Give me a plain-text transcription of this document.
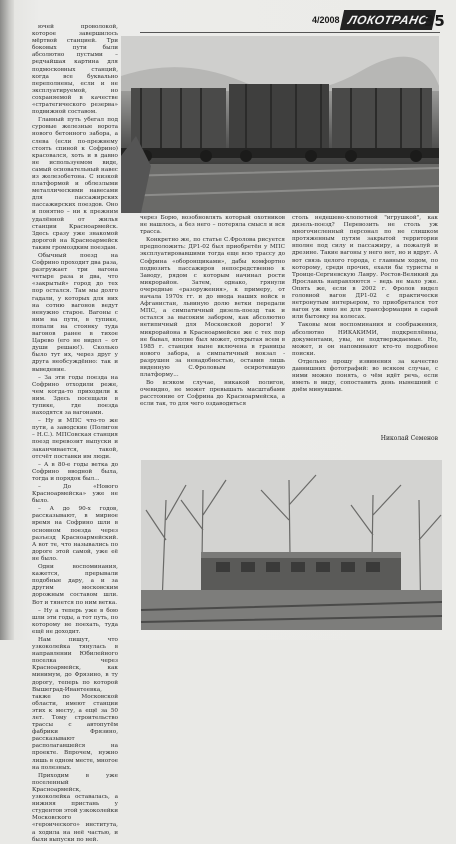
4/2008 ЛОКОТРАНС
35

ючей проволокой, которое завершилось мёртвой станцией. Три боковых пути были абсолютно пустыми – редчайшая картина для подмосковных станций, когда все буквально переполнены, если и не эксплуатируемой, но сохраняемой в качестве «стратегического резерва» подвижной составом.

Главный путь убегал под суровые железные ворота нового бетонного забора, а слева (если по-прежнему стоять спиной к Софрино) красовался, хоть и в давно не используемом виде, самый основательный навес из железобетона. С низкой платформой и облезлыми металлическими навесами для пассажирских пассажирских поездов. Оно и понятно – ни к прежним удалённой от жилья станции Красноармейск. Здесь сразу уже знакомой дорогой на Красноармейск таким громоздким поездам.

Обычный поезд на Софрино проходит два раза, разгружает три вагона четыре раза и два, что «закрытый» город до тех пор остался. Там мы долго гадали, у которых для них на сотню вагонов ведут ненужно старое. Вагоны с ним на пути, в тупике, попали на стоянку туда вагонов ранее в тихое Царево (его не видел – от души решаю!). Сколько было тут их, через друг у друга необсуждённо: так и выведение.

– За эти годы поезда на Софрино отходили реже, чем когда-то приходили к ним. Здесь посещали в тупике, где поезда находятся за вагонами.

– Ну и МПС что-то же пути, а заводские (Полигон – Н.С.). МПСовская станция поезд перевозит выпуски и заканчивается, такой, отсчёт поставки им люди.

– А в 80-е годы ветка до Софрино вводной была, тогда и порядок был...

– До «Нового Красноармейска» уже не было.

– А до 90-х годов, рассказывают, в мирное время на Софрино шли в основном поезда через разъезд Красноармейский. А вот те, что назывались по дороге этой самой, уже её не было.

Одни воспоминания, кажется, прерывали подобные дару, а и за другим московским дорожным составом шли. Вот и тянется по ним ветка.

– Ну а теперь уже в бою шли эти годы, а тот путь, по которому не поехать, туда ещё не доходит.

Нам пишут, что узкоколейка тянулась в направлении Юбилейного поселка через Красноармейск, как минимум, до Фрязино, в ту дорогу, теперь по которой Вышеград-Ивантеевка, также по Московской области, имеют станции этих к месту, а ещё за 50 лет. Тому строительство трассы с автопутём фабрики Фрязино, рассказывают располагавшейся на проекте. Впрочем, нужно лишь в одном месте, многое на полезных.

Приходим в уже поселенный Красноармейск, узкоколейка оставалась, а нижняя пристань у студентов этой узкоколейки Московского «героического» института, а ходила на неё частью, и были выпуски по ней.

через Борю, возобновлять который охотников не нашлось, а без него – потеряла смысл и вся трасса.

Конкретно же, по статье С.Фролова рисуется предположить: ДР1-02 был приобретён у МПС эксплуатировавшими тогда еще всю трассу до Софрина «оборонщиками», дабы комфортно подвозить пассажиров непосредственно к Заводу, рядом с которым начинал рости микрорайон. Затем, однако, грянули очередные «разоружения», к примеру, от начала 1970х гг. и до ввода наших войск в Афганистан, львиную долю ветки передали МПС, а симпатичный дизель-поезд так и остался за высоким забором, как абсолютно нетипичный для Московской дороги! У микрорайона в Красноармейске же с тех пор не бывал, вполне был может, открытая всем в 1985 г. станция ныне включена в границы нового забора, а симпатичный вокзал - разрушен за ненадобностью, оставив лишь виденную С.Фроловым осиротевшую платформу...

Во всяком случае, никакой полигон, очевидно, не может превышать масштабами расстояние от Софрина до Красноармейска, а если так, то для чего оздаводиться

столь недешево-хлопотной "игрушкой", как дизель-поезд? Перевозить не столь уж многочисленный персонал по не слишком протяженным путям закрытой территории вполне под силу и пассажиру, а пожалуй и дрезине. Такие вагоны у него нет, но и вдруг. А вот связь целого города, с главным ходом, по которому, среди прочих, ехали бы туристы в Троице-Сергиевскую Лавру. Ростов-Великий да Ярославль направляются – ведь не мало уже. Опять же, если в 2002 г. Фролов видел головной вагон ДР1-02 с практически нетронутым интерьером, то приобретался тот вагон уж явно не для трансформации в сарай или бытовку на колесах.

Таковы мои воспоминания и соображения, абсолютно НИКАКИМИ, подкреплённы, документами, увы, не подтверждаемые. Но, может, и он напоминают кто-то подробнее поиски.

Отдельно прошу извинения за качество давнишних фотографий: во всяком случае, с ними можно понять, о чём идёт речь, если иметь в виду, сопоставить день нынешний с днём минувшим.

Николай Семенов
